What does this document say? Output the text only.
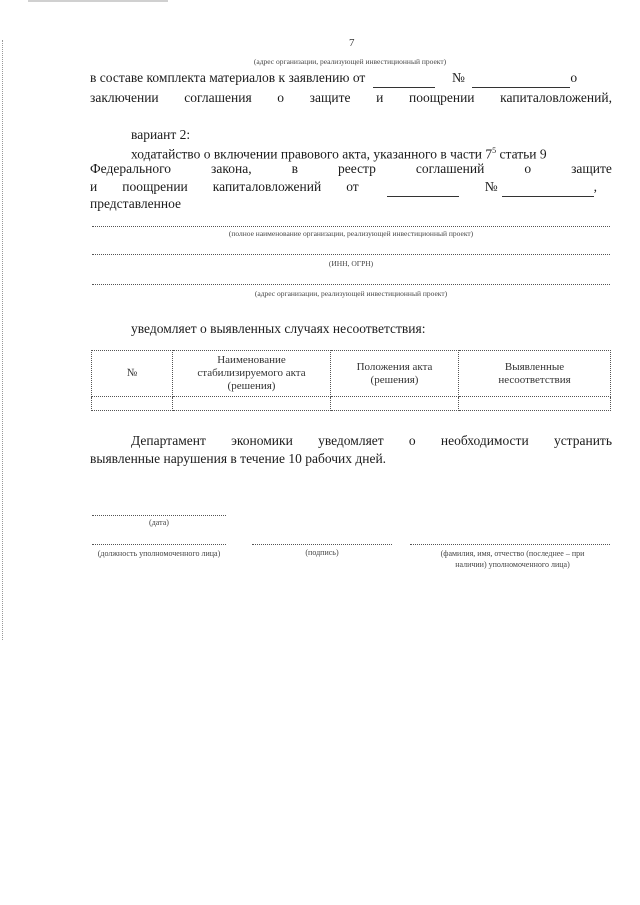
7
(адрес организации, реализующей инвестиционный проект)
в составе комплекта материалов к заявлению от	№	о
заключении соглашения о защите и поощрении капиталовложений,
вариант 2:
ходатайство о включении правового акта, указанного в части $7^5$ статьи 9
Федерального	закона,	в	реестр	соглашений	о	защите
и поощрении капиталовложений от
	№
	,
представленное
(полное наименование организации, реализующей инвестиционный проект)
(ИНН, ОГРН)
(адрес организации, реализующей инвестиционный проект)
уведомляет о выявленных случаях несоответствия:
№	Наименование стабилизируемого акта (решения)	Положения акта (решения)	Выявленные несоответствия

Департамент экономики уведомляет о необходимости устранить
выявленные нарушения в течение 10 рабочих дней.
(дата)
(должность уполномоченного лица)	(подпись)	(фамилия, имя, отчество (последнее – при наличии) уполномоченного лица)
